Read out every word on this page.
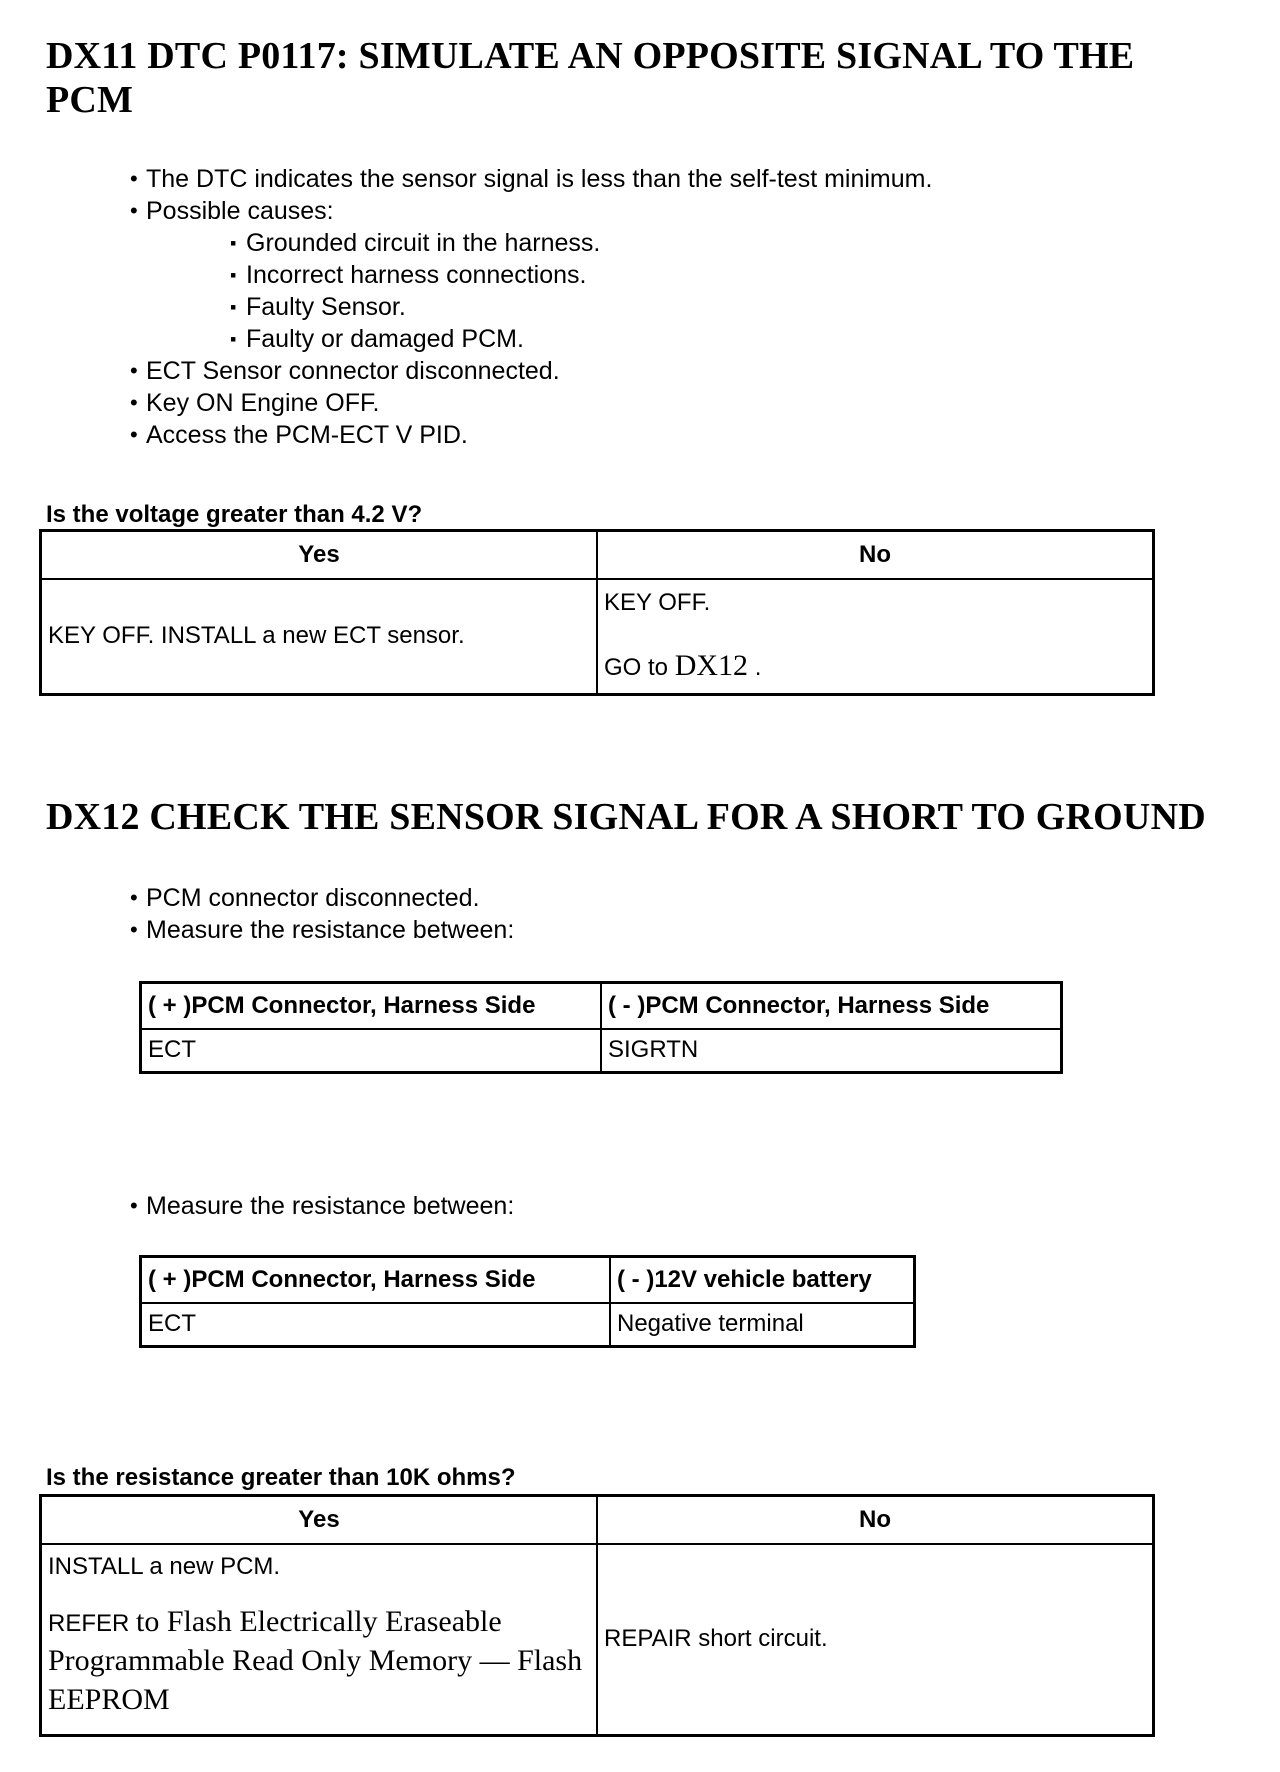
DX11 DTC P0117: SIMULATE AN OPPOSITE SIGNAL TO THE
PCM
• The DTC indicates the sensor signal is less than the self-test minimum.
• Possible causes:
▪ Grounded circuit in the harness.
▪ Incorrect harness connections.
▪ Faulty Sensor.
▪ Faulty or damaged PCM.
• ECT Sensor connector disconnected.
• Key ON Engine OFF.
• Access the PCM-ECT V PID.
Is the voltage greater than 4.2 V?
Yes	No
KEY OFF. INSTALL a new ECT sensor.	KEY OFF.
GO to DX12 .
DX12 CHECK THE SENSOR SIGNAL FOR A SHORT TO GROUND
• PCM connector disconnected.
• Measure the resistance between:
( + )PCM Connector, Harness Side	( - )PCM Connector, Harness Side
ECT	SIGRTN
• Measure the resistance between:
( + )PCM Connector, Harness Side	( - )12V vehicle battery
ECT	Negative terminal
Is the resistance greater than 10K ohms?
Yes	No

INSTALL a new PCM.
REFER to Flash Electrically Eraseable Programmable Read Only Memory — Flash EEPROM	REPAIR short circuit.
